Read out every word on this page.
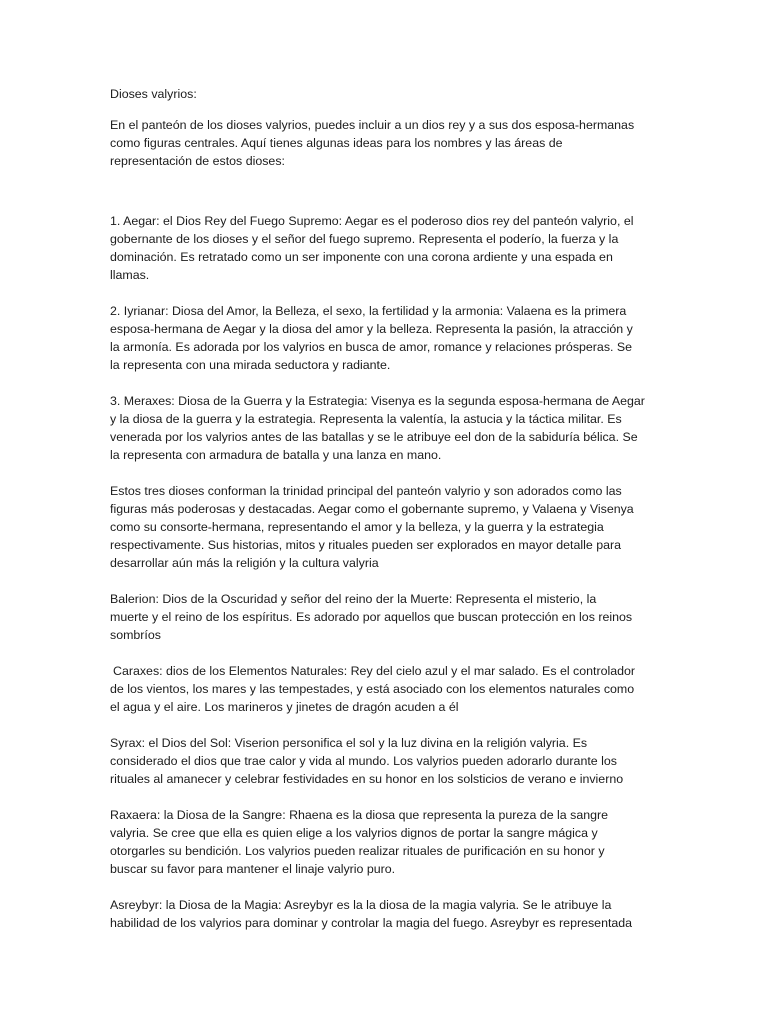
Dioses valyrios:

En el panteón de los dioses valyrios, puedes incluir a un dios rey y a sus dos esposa-hermanas
como figuras centrales. Aquí tienes algunas ideas para los nombres y las áreas de
representación de estos dioses:

1. Aegar: el Dios Rey del Fuego Supremo: Aegar es el poderoso dios rey del panteón valyrio, el
gobernante de los dioses y el señor del fuego supremo. Representa el poderío, la fuerza y la
dominación. Es retratado como un ser imponente con una corona ardiente y una espada en
llamas.

2. Iyrianar: Diosa del Amor, la Belleza, el sexo, la fertilidad y la armonia: Valaena es la primera
esposa-hermana de Aegar y la diosa del amor y la belleza. Representa la pasión, la atracción y
la armonía. Es adorada por los valyrios en busca de amor, romance y relaciones prósperas. Se
la representa con una mirada seductora y radiante.

3. Meraxes: Diosa de la Guerra y la Estrategia: Visenya es la segunda esposa-hermana de Aegar
y la diosa de la guerra y la estrategia. Representa la valentía, la astucia y la táctica militar. Es
venerada por los valyrios antes de las batallas y se le atribuye eel don de la sabiduría bélica. Se
la representa con armadura de batalla y una lanza en mano.

Estos tres dioses conforman la trinidad principal del panteón valyrio y son adorados como las
figuras más poderosas y destacadas. Aegar como el gobernante supremo, y Valaena y Visenya
como su consorte-hermana, representando el amor y la belleza, y la guerra y la estrategia
respectivamente. Sus historias, mitos y rituales pueden ser explorados en mayor detalle para
desarrollar aún más la religión y la cultura valyria

Balerion: Dios de la Oscuridad y señor del reino der la Muerte: Representa el misterio, la
muerte y el reino de los espíritus. Es adorado por aquellos que buscan protección en los reinos
sombríos

Caraxes: dios de los Elementos Naturales: Rey del cielo azul y el mar salado. Es el controlador
de los vientos, los mares y las tempestades, y está asociado con los elementos naturales como
el agua y el aire. Los marineros y jinetes de dragón acuden a él

Syrax: el Dios del Sol: Viserion personifica el sol y la luz divina en la religión valyria. Es
considerado el dios que trae calor y vida al mundo. Los valyrios pueden adorarlo durante los
rituales al amanecer y celebrar festividades en su honor en los solsticios de verano e invierno

Raxaera: la Diosa de la Sangre: Rhaena es la diosa que representa la pureza de la sangre
valyria. Se cree que ella es quien elige a los valyrios dignos de portar la sangre mágica y
otorgarles su bendición. Los valyrios pueden realizar rituales de purificación en su honor y
buscar su favor para mantener el linaje valyrio puro.

Asreybyr: la Diosa de la Magia: Asreybyr es la la diosa de la magia valyria. Se le atribuye la
habilidad de los valyrios para dominar y controlar la magia del fuego. Asreybyr es representada
